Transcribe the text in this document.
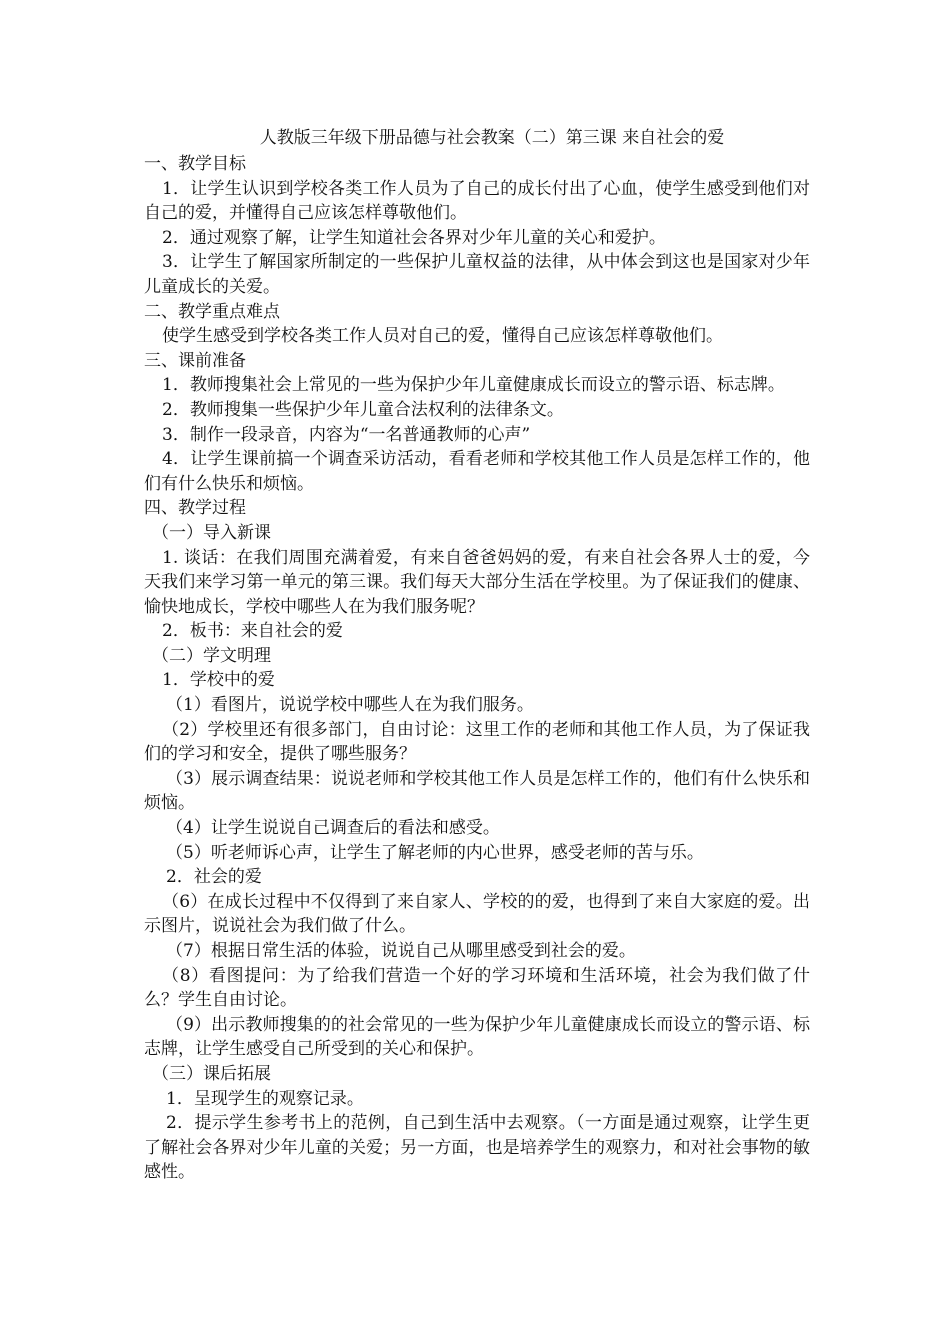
人教版三年级下册品德与社会教案（二）第三课 来自社会的爱

一、教学目标

1．让学生认识到学校各类工作人员为了自己的成长付出了心血，使学生感受到他们对自己的爱，并懂得自己应该怎样尊敬他们。

2．通过观察了解，让学生知道社会各界对少年儿童的关心和爱护。

3．让学生了解国家所制定的一些保护儿童权益的法律，从中体会到这也是国家对少年儿童成长的关爱。

二、教学重点难点

使学生感受到学校各类工作人员对自己的爱，懂得自己应该怎样尊敬他们。

三、课前准备

1．教师搜集社会上常见的一些为保护少年儿童健康成长而设立的警示语、标志牌。

2．教师搜集一些保护少年儿童合法权利的法律条文。

3．制作一段录音，内容为“一名普通教师的心声”

4．让学生课前搞一个调查采访活动，看看老师和学校其他工作人员是怎样工作的，他们有什么快乐和烦恼。

四、教学过程

（一）导入新课

1. 谈话：在我们周围充满着爱，有来自爸爸妈妈的爱，有来自社会各界人士的爱，今天我们来学习第一单元的第三课。我们每天大部分生活在学校里。为了保证我们的健康、愉快地成长，学校中哪些人在为我们服务呢？

2．板书：来自社会的爱

（二）学文明理

1．学校中的爱

（1）看图片，说说学校中哪些人在为我们服务。

（2）学校里还有很多部门，自由讨论：这里工作的老师和其他工作人员，为了保证我们的学习和安全，提供了哪些服务？

（3）展示调查结果：说说老师和学校其他工作人员是怎样工作的，他们有什么快乐和烦恼。

（4）让学生说说自己调查后的看法和感受。

（5）听老师诉心声，让学生了解老师的内心世界，感受老师的苦与乐。

2．社会的爱

（6）在成长过程中不仅得到了来自家人、学校的的爱，也得到了来自大家庭的爱。出示图片，说说社会为我们做了什么。

（7）根据日常生活的体验，说说自己从哪里感受到社会的爱。

（8）看图提问：为了给我们营造一个好的学习环境和生活环境，社会为我们做了什么？学生自由讨论。

（9）出示教师搜集的的社会常见的一些为保护少年儿童健康成长而设立的警示语、标志牌，让学生感受自己所受到的关心和保护。

（三）课后拓展

1．呈现学生的观察记录。

2．提示学生参考书上的范例，自己到生活中去观察。（一方面是通过观察，让学生更了解社会各界对少年儿童的关爱；另一方面，也是培养学生的观察力，和对社会事物的敏感性。
